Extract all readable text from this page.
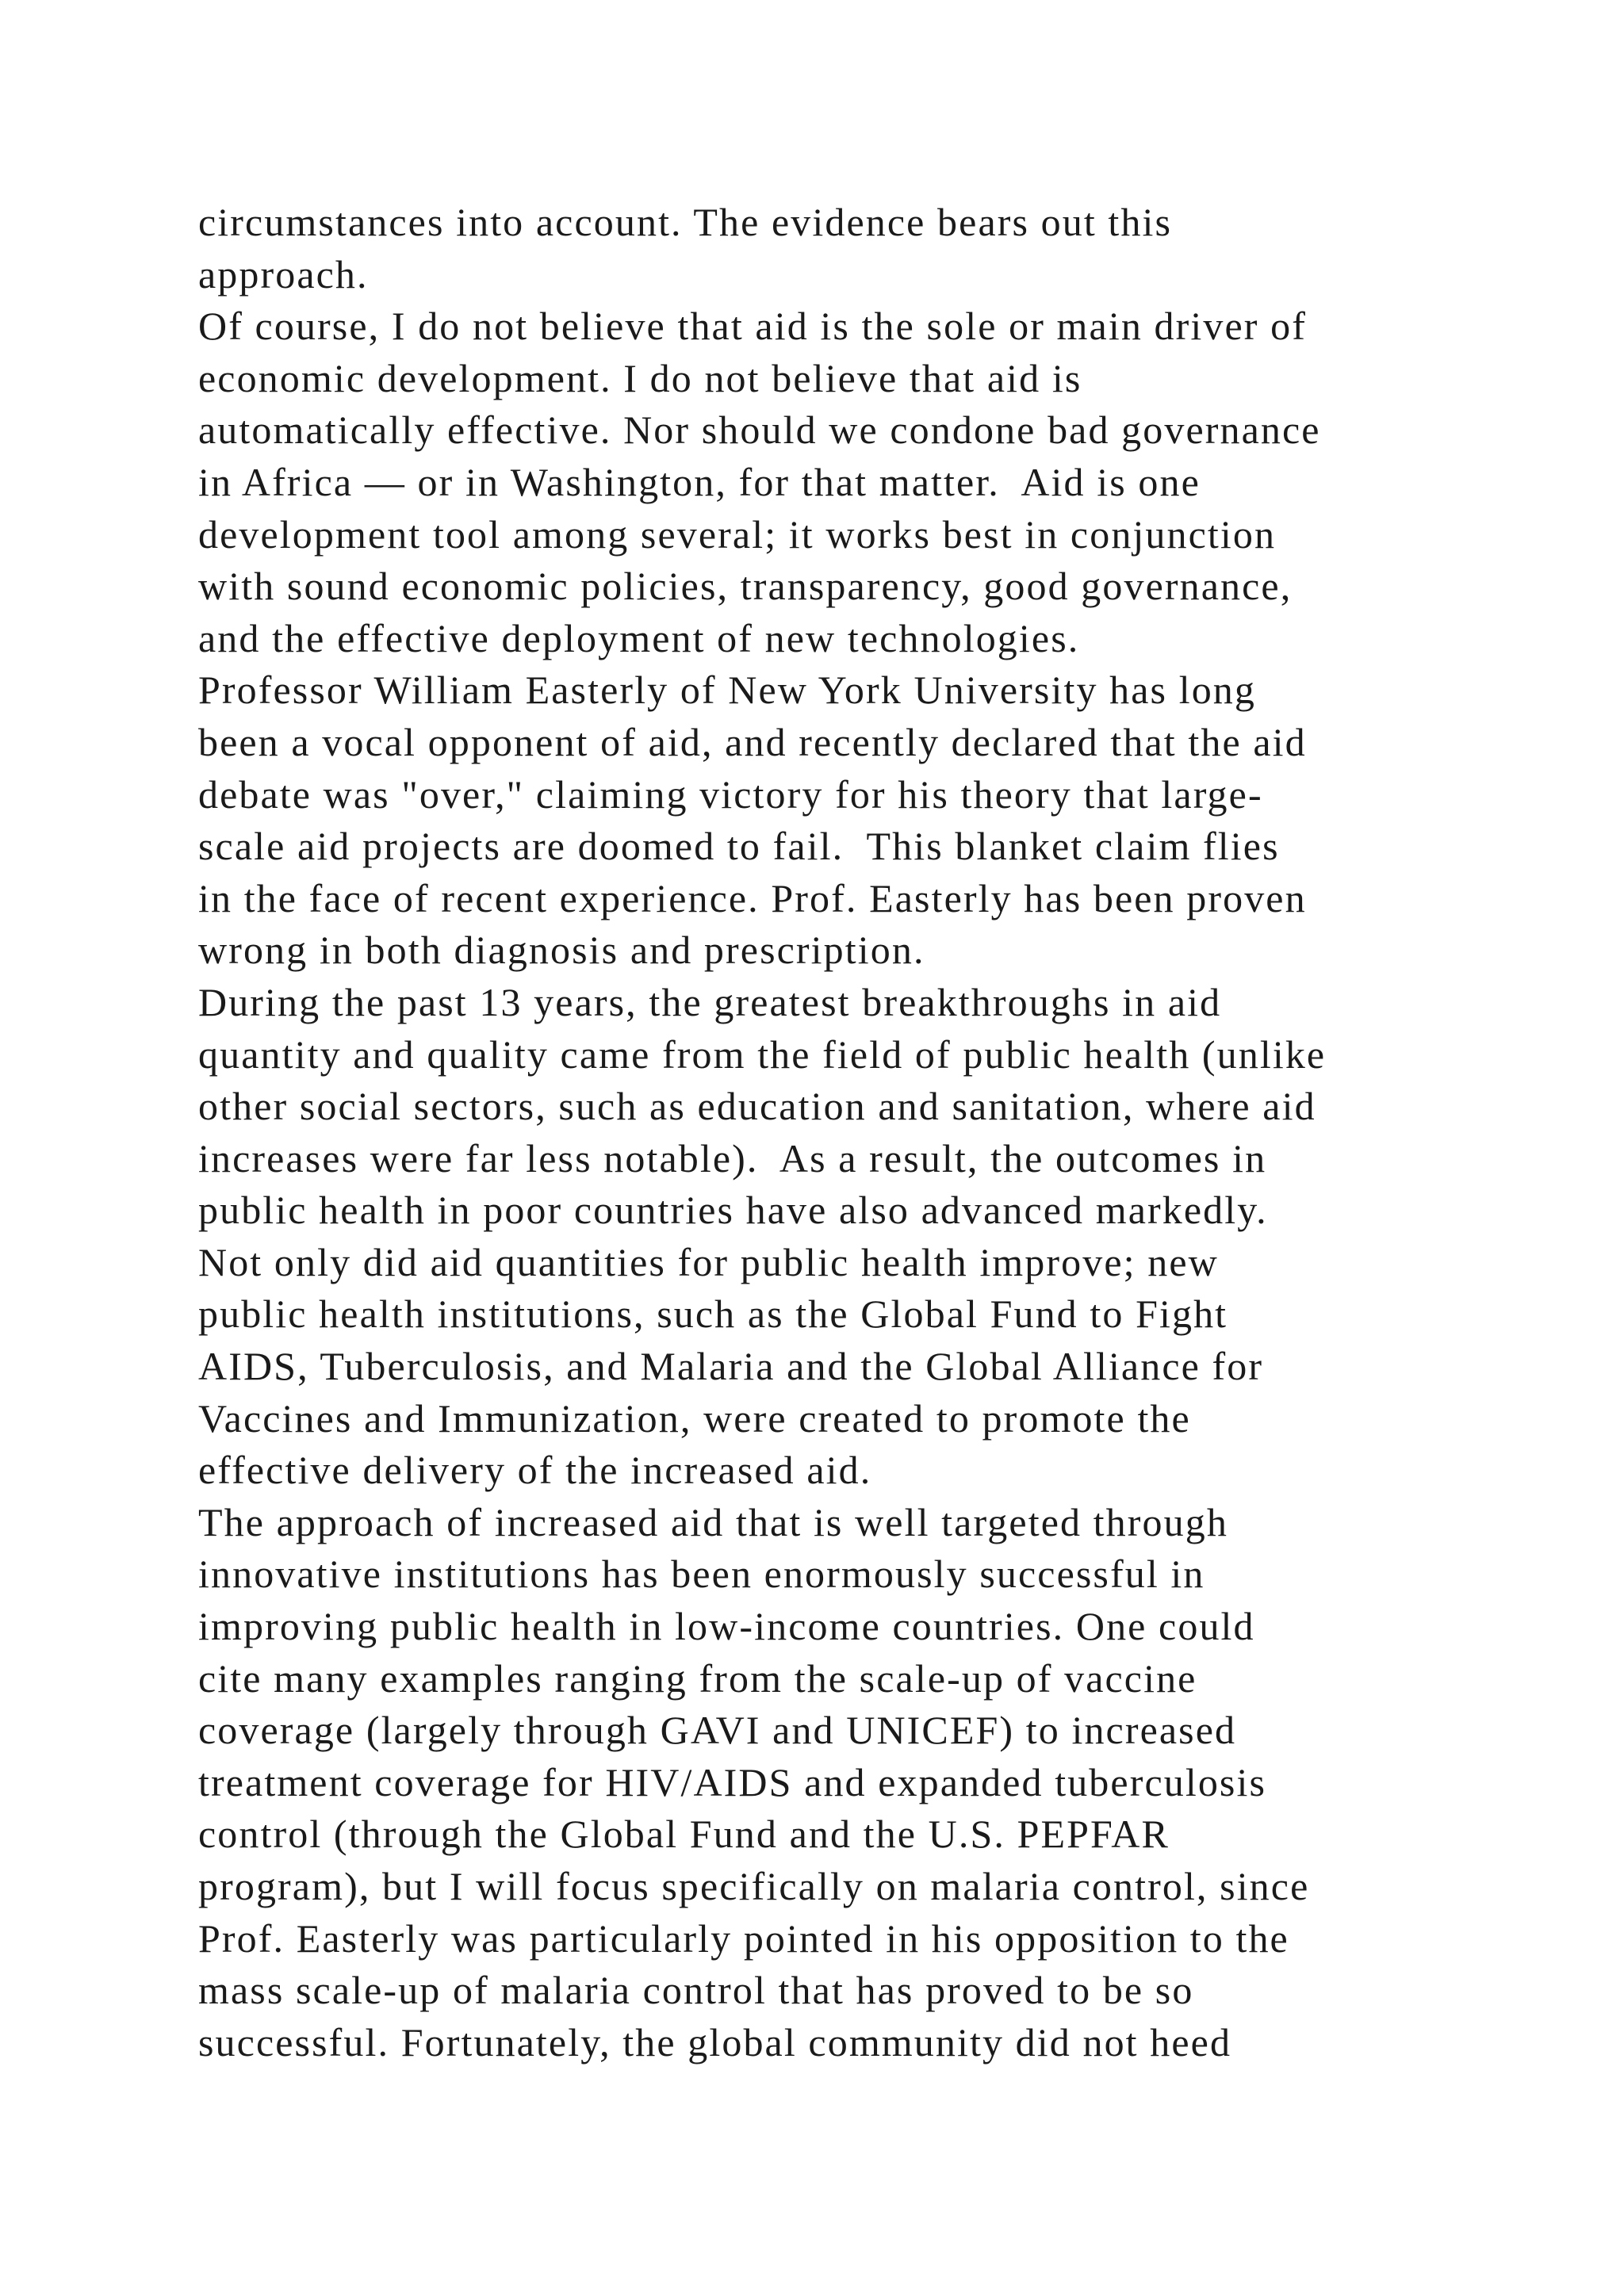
circumstances into account. The evidence bears out this
approach.
Of course, I do not believe that aid is the sole or main driver of
economic development. I do not believe that aid is
automatically effective. Nor should we condone bad governance
in Africa — or in Washington, for that matter.  Aid is one
development tool among several; it works best in conjunction
with sound economic policies, transparency, good governance,
and the effective deployment of new technologies.
Professor William Easterly of New York University has long
been a vocal opponent of aid, and recently declared that the aid
debate was "over," claiming victory for his theory that large-
scale aid projects are doomed to fail.  This blanket claim flies
in the face of recent experience. Prof. Easterly has been proven
wrong in both diagnosis and prescription.
During the past 13 years, the greatest breakthroughs in aid
quantity and quality came from the field of public health (unlike
other social sectors, such as education and sanitation, where aid
increases were far less notable).  As a result, the outcomes in
public health in poor countries have also advanced markedly.
Not only did aid quantities for public health improve; new
public health institutions, such as the Global Fund to Fight
AIDS, Tuberculosis, and Malaria and the Global Alliance for
Vaccines and Immunization, were created to promote the
effective delivery of the increased aid.
The approach of increased aid that is well targeted through
innovative institutions has been enormously successful in
improving public health in low-income countries. One could
cite many examples ranging from the scale-up of vaccine
coverage (largely through GAVI and UNICEF) to increased
treatment coverage for HIV/AIDS and expanded tuberculosis
control (through the Global Fund and the U.S. PEPFAR
program), but I will focus specifically on malaria control, since
Prof. Easterly was particularly pointed in his opposition to the
mass scale-up of malaria control that has proved to be so
successful. Fortunately, the global community did not heed
